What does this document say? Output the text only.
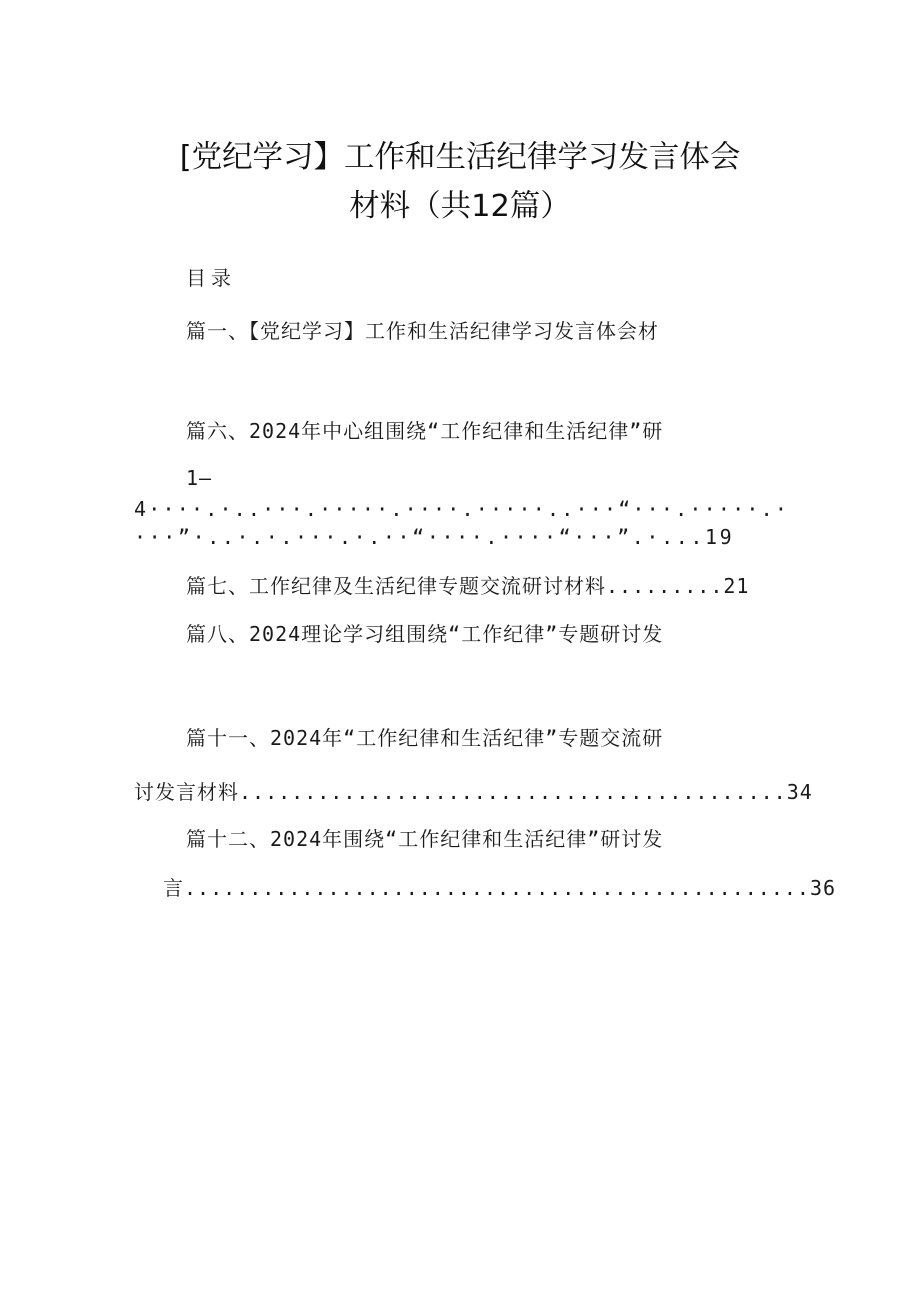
[党纪学习】工作和生活纪律学习发言体会
材料（共12篇）
目录
篇一、【党纪学习】工作和生活纪律学习发言体会材
篇六、2024年中心组围绕“工作纪律和生活纪律”研
1—
4····.·..···.·····.····.·····..···“···.·····.·
···”·..·.·.···.·.··“····.····“···”.·...19
篇七、工作纪律及生活纪律专题交流研讨材料.........21
篇八、2024理论学习组围绕“工作纪律”专题研讨发
篇十一、2024年“工作纪律和生活纪律”专题交流研
讨发言材料..........................................34
篇十二、2024年围绕“工作纪律和生活纪律”研讨发
言................................................36
